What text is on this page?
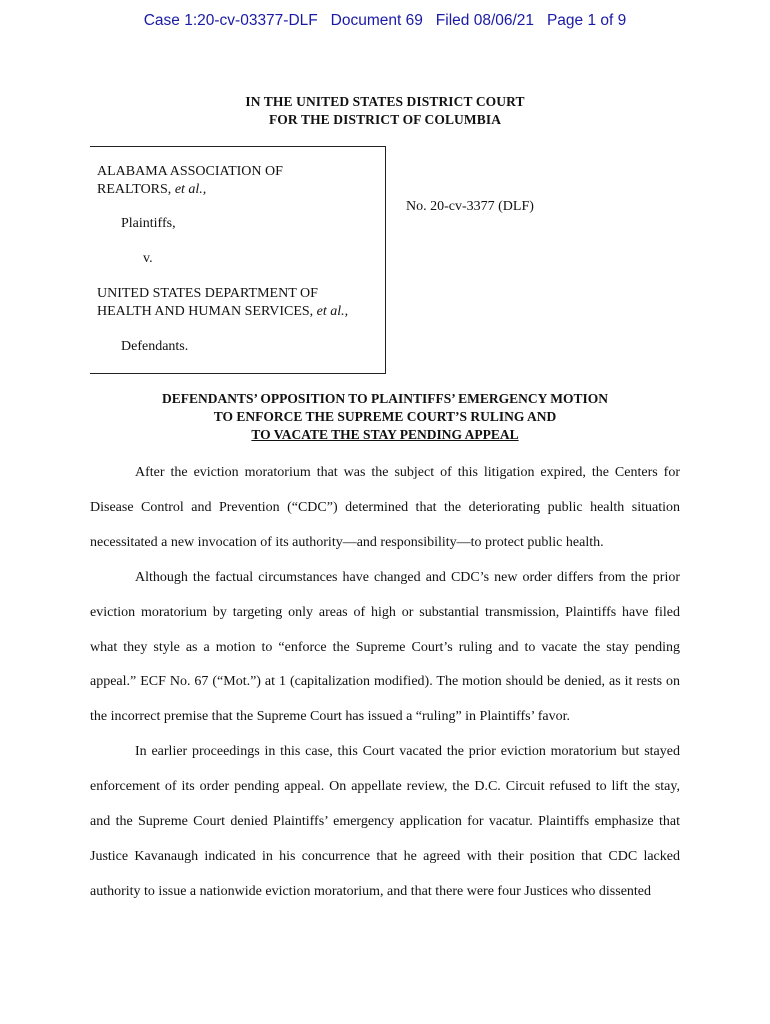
Case 1:20-cv-03377-DLF Document 69 Filed 08/06/21 Page 1 of 9
IN THE UNITED STATES DISTRICT COURT
FOR THE DISTRICT OF COLUMBIA
ALABAMA ASSOCIATION OF
REALTORS, et al.,
Plaintiffs,
v.
UNITED STATES DEPARTMENT OF
HEALTH AND HUMAN SERVICES, et al.,
Defendants.
No. 20-cv-3377 (DLF)
DEFENDANTS’ OPPOSITION TO PLAINTIFFS’ EMERGENCY MOTION
TO ENFORCE THE SUPREME COURT’S RULING AND
TO VACATE THE STAY PENDING APPEAL

After the eviction moratorium that was the subject of this litigation expired, the Centers for Disease Control and Prevention (“CDC”) determined that the deteriorating public health situation necessitated a new invocation of its authority—and responsibility—to protect public health.

Although the factual circumstances have changed and CDC’s new order differs from the prior eviction moratorium by targeting only areas of high or substantial transmission, Plaintiffs have filed what they style as a motion to “enforce the Supreme Court’s ruling and to vacate the stay pending appeal.” ECF No. 67 (“Mot.”) at 1 (capitalization modified). The motion should be denied, as it rests on the incorrect premise that the Supreme Court has issued a “ruling” in Plaintiffs’ favor.

In earlier proceedings in this case, this Court vacated the prior eviction moratorium but stayed enforcement of its order pending appeal. On appellate review, the D.C. Circuit refused to lift the stay, and the Supreme Court denied Plaintiffs’ emergency application for vacatur. Plaintiffs emphasize that Justice Kavanaugh indicated in his concurrence that he agreed with their position that CDC lacked authority to issue a nationwide eviction moratorium, and that there were four Justices who dissented
